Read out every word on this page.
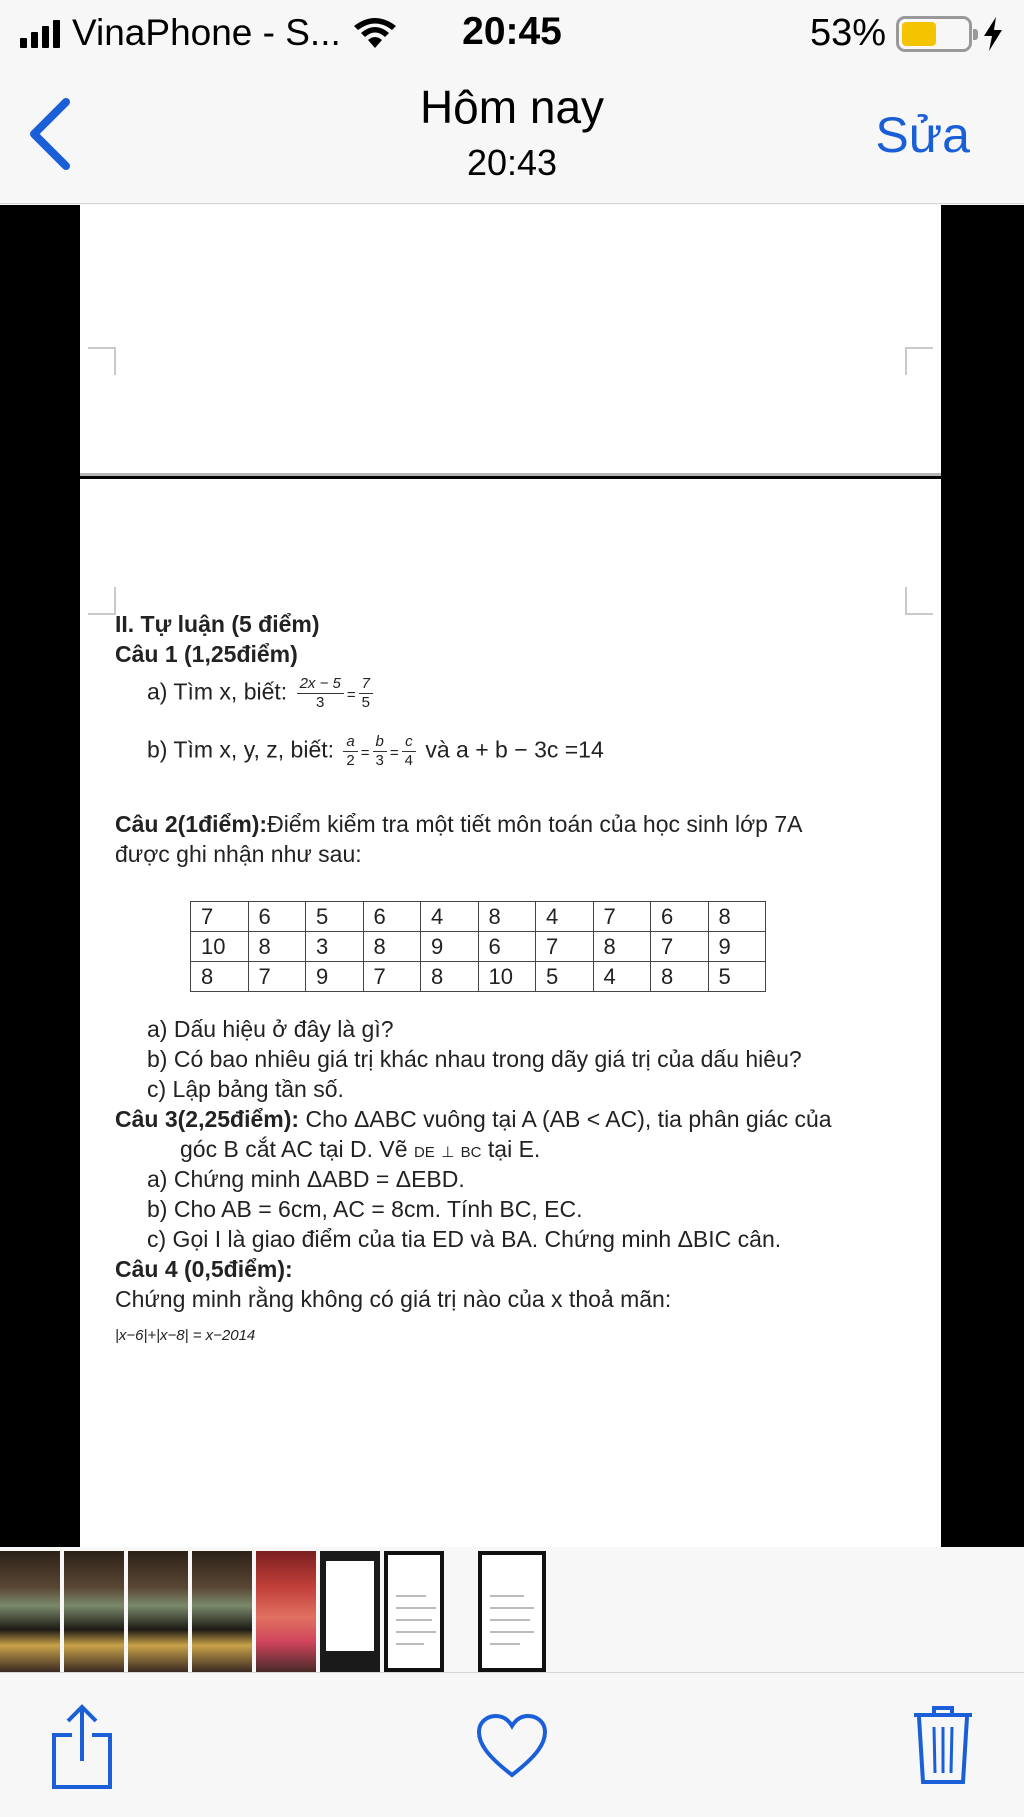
VinaPhone - S...	20:45	53%
Hôm nay
20:43	Sửa
II. Tự luận (5 điểm)
Câu 1 (1,25điểm)
a) Tìm x, biết: $\frac{2x - 5}{3} = \frac{7}{5}$
b) Tìm x, y, z, biết: $\frac{a}{2} = \frac{b}{3} = \frac{c}{4}$ và a + b − 3c =14
Câu 2(1điểm):Điểm kiểm tra một tiết môn toán của học sinh lớp 7A
được ghi nhận như sau:
7	6	5	6	4	8	4	7	6	8
10	8	3	8	9	6	7	8	7	9
8	7	9	7	8	10	5	4	8	5
a) Dấu hiệu ở đây là gì?
b) Có bao nhiêu giá trị khác nhau trong dãy giá trị của dấu hiêu?
c) Lập bảng tần số.
Câu 3(2,25điểm): Cho ΔABC vuông tại A (AB < AC), tia phân giác của
góc B cắt AC tại D. Vẽ DE ⊥ BC tại E.
a) Chứng minh ΔABD = ΔEBD.
b) Cho AB = 6cm, AC = 8cm. Tính BC, EC.
c) Gọi I là giao điểm của tia ED và BA. Chứng minh ΔBIC cân.
Câu 4 (0,5điểm):
Chứng minh rằng không có giá trị nào của x thoả mãn:
|x−6|+|x−8| = x−2014
